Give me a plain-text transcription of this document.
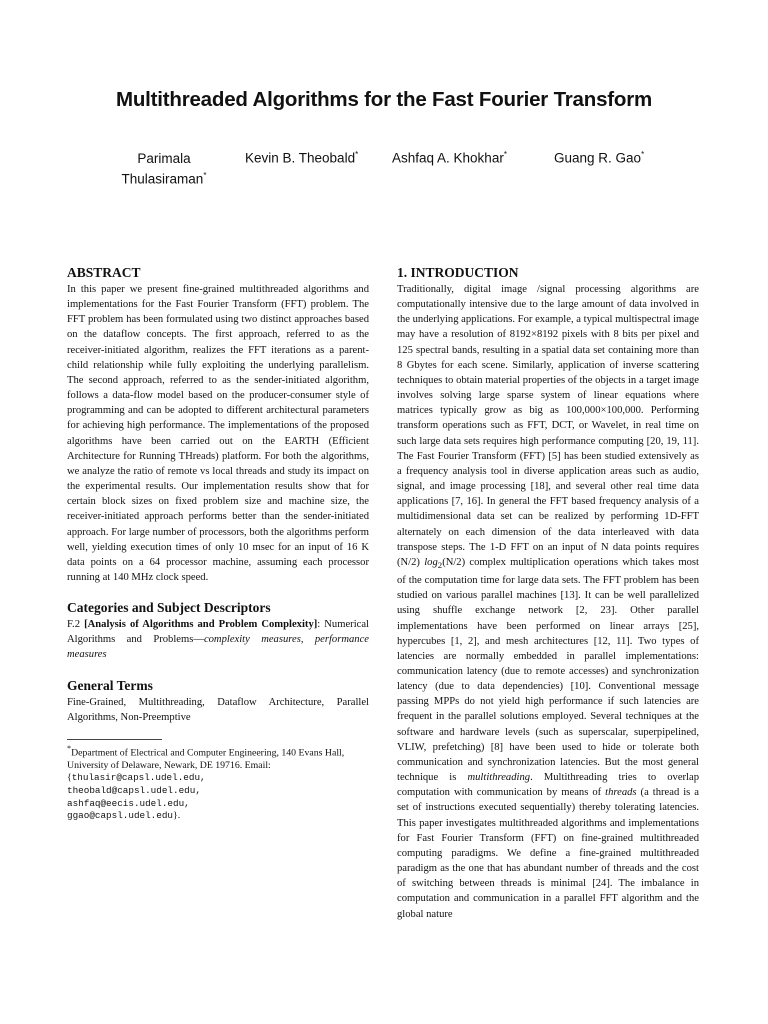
Multithreaded Algorithms for the Fast Fourier Transform
Parimala Thulasiraman*
Kevin B. Theobald*	Ashfaq A. Khokhar*	Guang R. Gao*
ABSTRACT

In this paper we present fine-grained multithreaded algorithms and implementations for the Fast Fourier Transform (FFT) problem. The FFT problem has been formulated using two distinct approaches based on the dataflow concepts. The first approach, referred to as the receiver-initiated algorithm, realizes the FFT iterations as a parent-child relationship while fully exploiting the underlying parallelism. The second approach, referred to as the sender-initiated algorithm, follows a data-flow model based on the producer-consumer style of programming and can be adopted to different architectural parameters for achieving high performance. The implementations of the proposed algorithms have been carried out on the EARTH (Efficient Architecture for Running THreads) platform. For both the algorithms, we analyze the ratio of remote vs local threads and study its impact on the experimental results. Our implementation results show that for certain block sizes on fixed problem size and machine size, the receiver-initiated approach performs better than the sender-initiated approach. For large number of processors, both the algorithms perform well, yielding execution times of only 10 msec for an input of 16 K data points on a 64 processor machine, assuming each processor running at 140 MHz clock speed.

Categories and Subject Descriptors

F.2 [Analysis of Algorithms and Problem Complexity]: Numerical Algorithms and Problems—complexity measures, performance measures

General Terms

Fine-Grained, Multithreading, Dataflow Architecture, Parallel Algorithms, Non-Preemptive

*Department of Electrical and Computer Engineering, 140 Evans Hall, University of Delaware, Newark, DE 19716. Email: {thulasir@capsl.udel.edu,
theobald@capsl.udel.edu,
ashfaq@eecis.udel.edu,
ggao@capsl.udel.edu}.
1. INTRODUCTION

Traditionally, digital image /signal processing algorithms are computationally intensive due to the large amount of data involved in the underlying applications. For example, a typical multispectral image may have a resolution of 8192×8192 pixels with 8 bits per pixel and 125 spectral bands, resulting in a spatial data set containing more than 8 Gbytes for each scene. Similarly, application of inverse scattering techniques to obtain material properties of the objects in a target image involves solving large sparse system of linear equations where matrices typically grow as big as 100,000×100,000. Performing transform operations such as FFT, DCT, or Wavelet, in real time on such large data sets requires high performance computing [20, 19, 11]. The Fast Fourier Transform (FFT) [5] has been studied extensively as a frequency analysis tool in diverse application areas such as audio, signal, and image processing [18], and several other real time data applications [7, 16]. In general the FFT based frequency analysis of a multidimensional data set can be realized by performing 1D-FFT alternately on each dimension of the data interleaved with data transpose steps. The 1-D FFT on an input of N data points requires (N/2) $\log_2(N/2)$ complex multiplication operations which takes most of the computation time for large data sets. The FFT problem has been studied on various parallel machines [13]. It can be well parallelized using shuffle exchange network [2, 23]. Other parallel implementations have been performed on linear arrays [25], hypercubes [1, 2], and mesh architectures [12, 11]. Two types of latencies are normally embedded in parallel implementations: communication latency (due to remote accesses) and synchronization latency (due to data dependencies) [10]. Conventional message passing MPPs do not yield high performance if such latencies are frequent in the parallel solutions employed. Several techniques at the software and hardware levels (such as superscalar, superpipelined, VLIW, prefetching) [8] have been used to hide or tolerate both communication and synchronization latencies. But the most general technique is multithreading. Multithreading tries to overlap computation with communication by means of threads (a thread is a set of instructions executed sequentially) thereby tolerating latencies. This paper investigates multithreaded algorithms and implementations for Fast Fourier Transform (FFT) on fine-grained multithreaded computing paradigms. We define a fine-grained multithreaded paradigm as the one that has abundant number of threads and the cost of switching between threads is minimal [24]. The imbalance in computation and communication in a parallel FFT algorithm and the global nature
